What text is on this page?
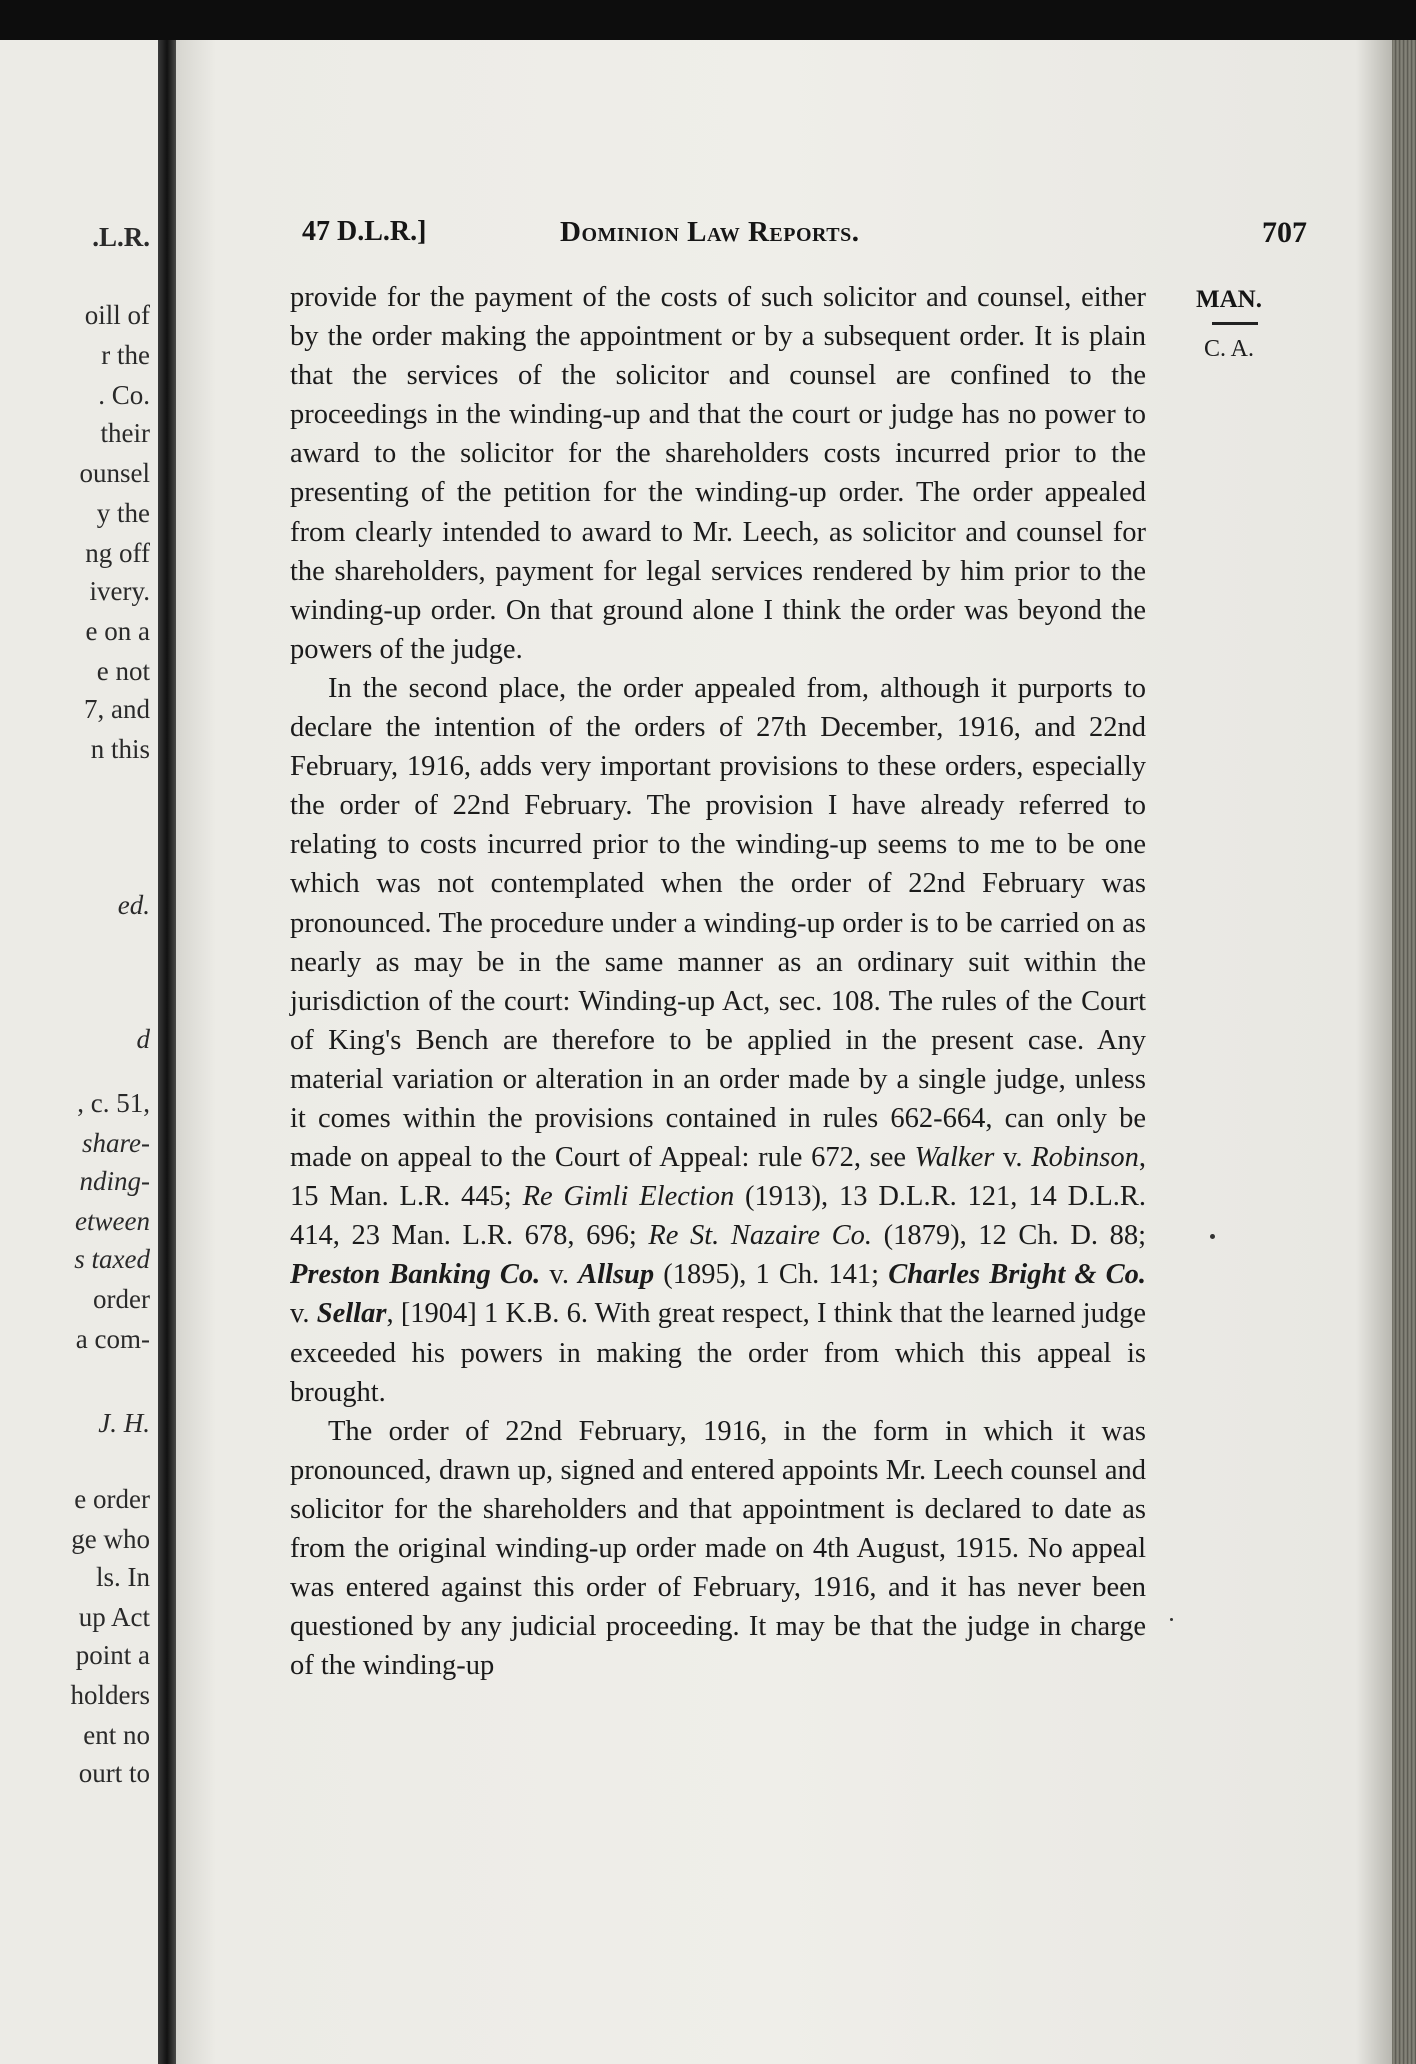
.L.R.
oill of
r the
. Co.
their
ounsel
y the
ng off
ivery.
e on a
e not
7, and
n this
ed.
d
, c. 51,
share-
nding-
etween
s taxed
order
a com-
J. H.
e order
ge who
ls. In
up Act
point a
holders
ent no
ourt to
47 D.L.R.]	Dominion Law Reports.	707
MAN.
C. A.

provide for the payment of the costs of such solicitor and counsel, either by the order making the appointment or by a subsequent order. It is plain that the services of the solicitor and counsel are confined to the proceedings in the winding-up and that the court or judge has no power to award to the solicitor for the shareholders costs incurred prior to the presenting of the petition for the winding-up order. The order appealed from clearly intended to award to Mr. Leech, as solicitor and counsel for the shareholders, payment for legal services rendered by him prior to the winding-up order. On that ground alone I think the order was beyond the powers of the judge.

In the second place, the order appealed from, although it purports to declare the intention of the orders of 27th December, 1916, and 22nd February, 1916, adds very important provisions to these orders, especially the order of 22nd February. The provision I have already referred to relating to costs incurred prior to the winding-up seems to me to be one which was not contemplated when the order of 22nd February was pronounced. The procedure under a winding-up order is to be carried on as nearly as may be in the same manner as an ordinary suit within the jurisdiction of the court: Winding-up Act, sec. 108. The rules of the Court of King's Bench are therefore to be applied in the present case. Any material variation or alteration in an order made by a single judge, unless it comes within the provisions contained in rules 662-664, can only be made on appeal to the Court of Appeal: rule 672, see Walker v. Robinson, 15 Man. L.R. 445; Re Gimli Election (1913), 13 D.L.R. 121, 14 D.L.R. 414, 23 Man. L.R. 678, 696; Re St. Nazaire Co. (1879), 12 Ch. D. 88; Preston Banking Co. v. Allsup (1895), 1 Ch. 141; Charles Bright & Co. v. Sellar, [1904] 1 K.B. 6. With great respect, I think that the learned judge exceeded his powers in making the order from which this appeal is brought.

The order of 22nd February, 1916, in the form in which it was pronounced, drawn up, signed and entered appoints Mr. Leech counsel and solicitor for the shareholders and that appointment is declared to date as from the original winding-up order made on 4th August, 1915. No appeal was entered against this order of February, 1916, and it has never been questioned by any judicial proceeding. It may be that the judge in charge of the winding-up
